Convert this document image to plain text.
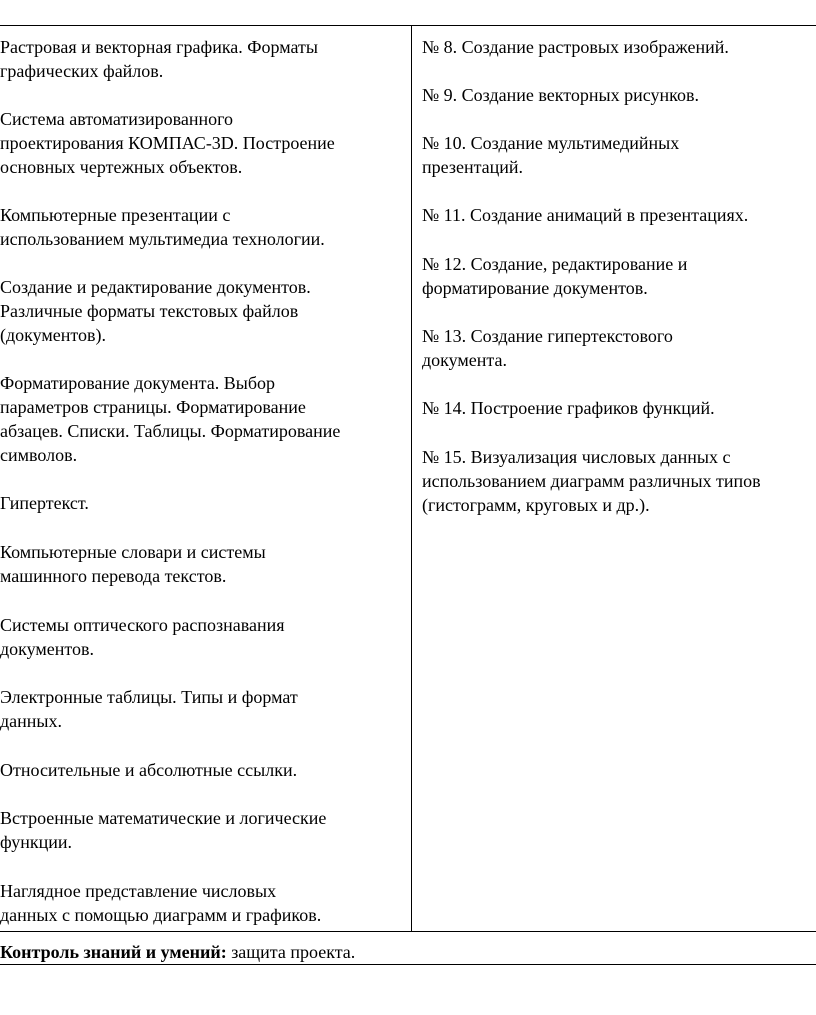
Растровая и векторная графика. Форматы
графических файлов.
Система автоматизированного
проектирования КОМПАС-3D. Построение
основных чертежных объектов.
Компьютерные презентации с
использованием мультимедиа технологии.
Создание и редактирование документов.
Различные форматы текстовых файлов
(документов).
Форматирование документа. Выбор
параметров страницы. Форматирование
абзацев. Списки. Таблицы. Форматирование
символов.
Гипертекст.
Компьютерные словари и системы
машинного перевода текстов.
Системы оптического распознавания
документов.
Электронные таблицы. Типы и формат
данных.
Относительные и абсолютные ссылки.
Встроенные математические и логические
функции.
Наглядное представление числовых
данных с помощью диаграмм и графиков.
№ 8. Создание растровых изображений.
№ 9. Создание векторных рисунков.
№ 10. Создание мультимедийных
презентаций.
№ 11. Создание анимаций в презентациях.
№ 12. Создание, редактирование и
форматирование документов.
№ 13. Создание гипертекстового
документа.
№ 14. Построение графиков функций.
№ 15. Визуализация числовых данных с
использованием диаграмм различных типов
(гистограмм, круговых и др.).
Контроль знаний и умений: защита проекта.
